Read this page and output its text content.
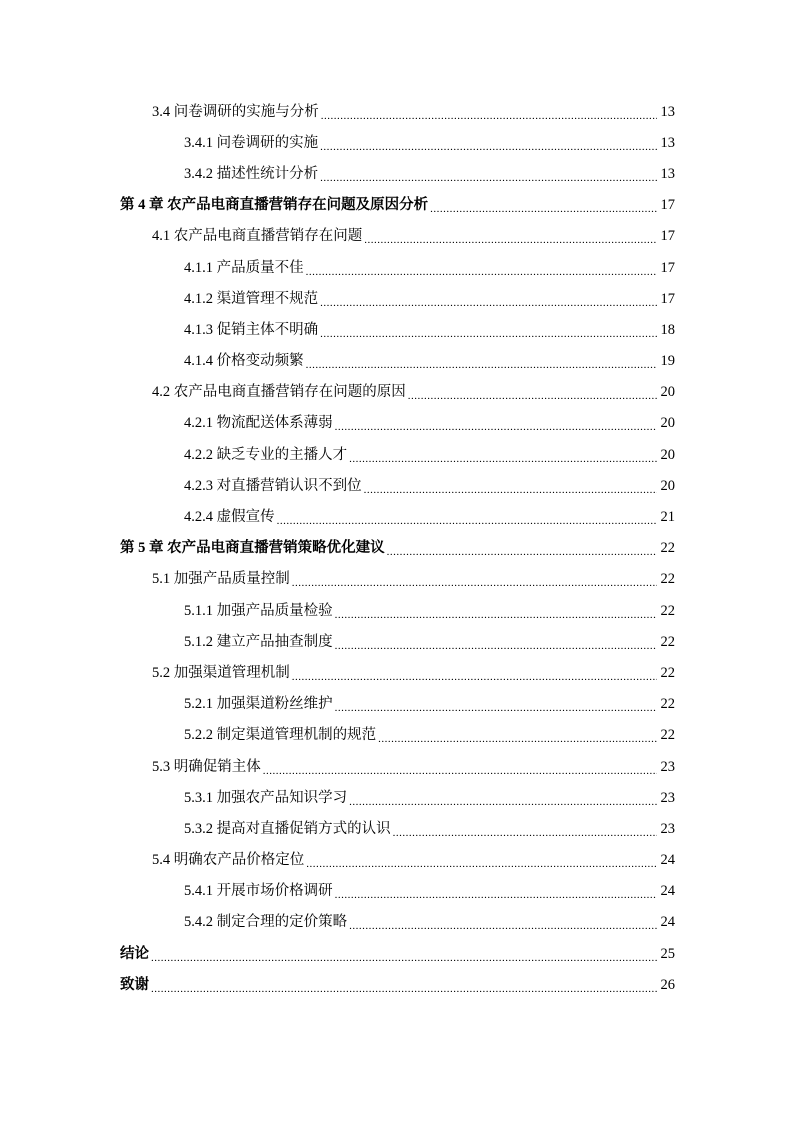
3.4 问卷调研的实施与分析 .....	13
3.4.1 问卷调研的实施 .....	13
3.4.2 描述性统计分析 .....	13
第 4 章 农产品电商直播营销存在问题及原因分析 .....	17
4.1 农产品电商直播营销存在问题 .....	17
4.1.1 产品质量不佳 .....	17
4.1.2 渠道管理不规范 .....	17
4.1.3 促销主体不明确 .....	18
4.1.4 价格变动频繁 .....	19
4.2 农产品电商直播营销存在问题的原因 .....	20
4.2.1 物流配送体系薄弱 .....	20
4.2.2 缺乏专业的主播人才 .....	20
4.2.3 对直播营销认识不到位 .....	20
4.2.4 虚假宣传 .....	21
第 5 章 农产品电商直播营销策略优化建议 .....	22
5.1 加强产品质量控制 .....	22
5.1.1 加强产品质量检验 .....	22
5.1.2 建立产品抽查制度 .....	22
5.2 加强渠道管理机制 .....	22
5.2.1 加强渠道粉丝维护 .....	22
5.2.2 制定渠道管理机制的规范 .....	22
5.3 明确促销主体 .....	23
5.3.1 加强农产品知识学习 .....	23
5.3.2 提高对直播促销方式的认识 .....	23
5.4 明确农产品价格定位 .....	24
5.4.1 开展市场价格调研 .....	24
5.4.2 制定合理的定价策略 .....	24
结论 .....	25
致谢 .....	26
